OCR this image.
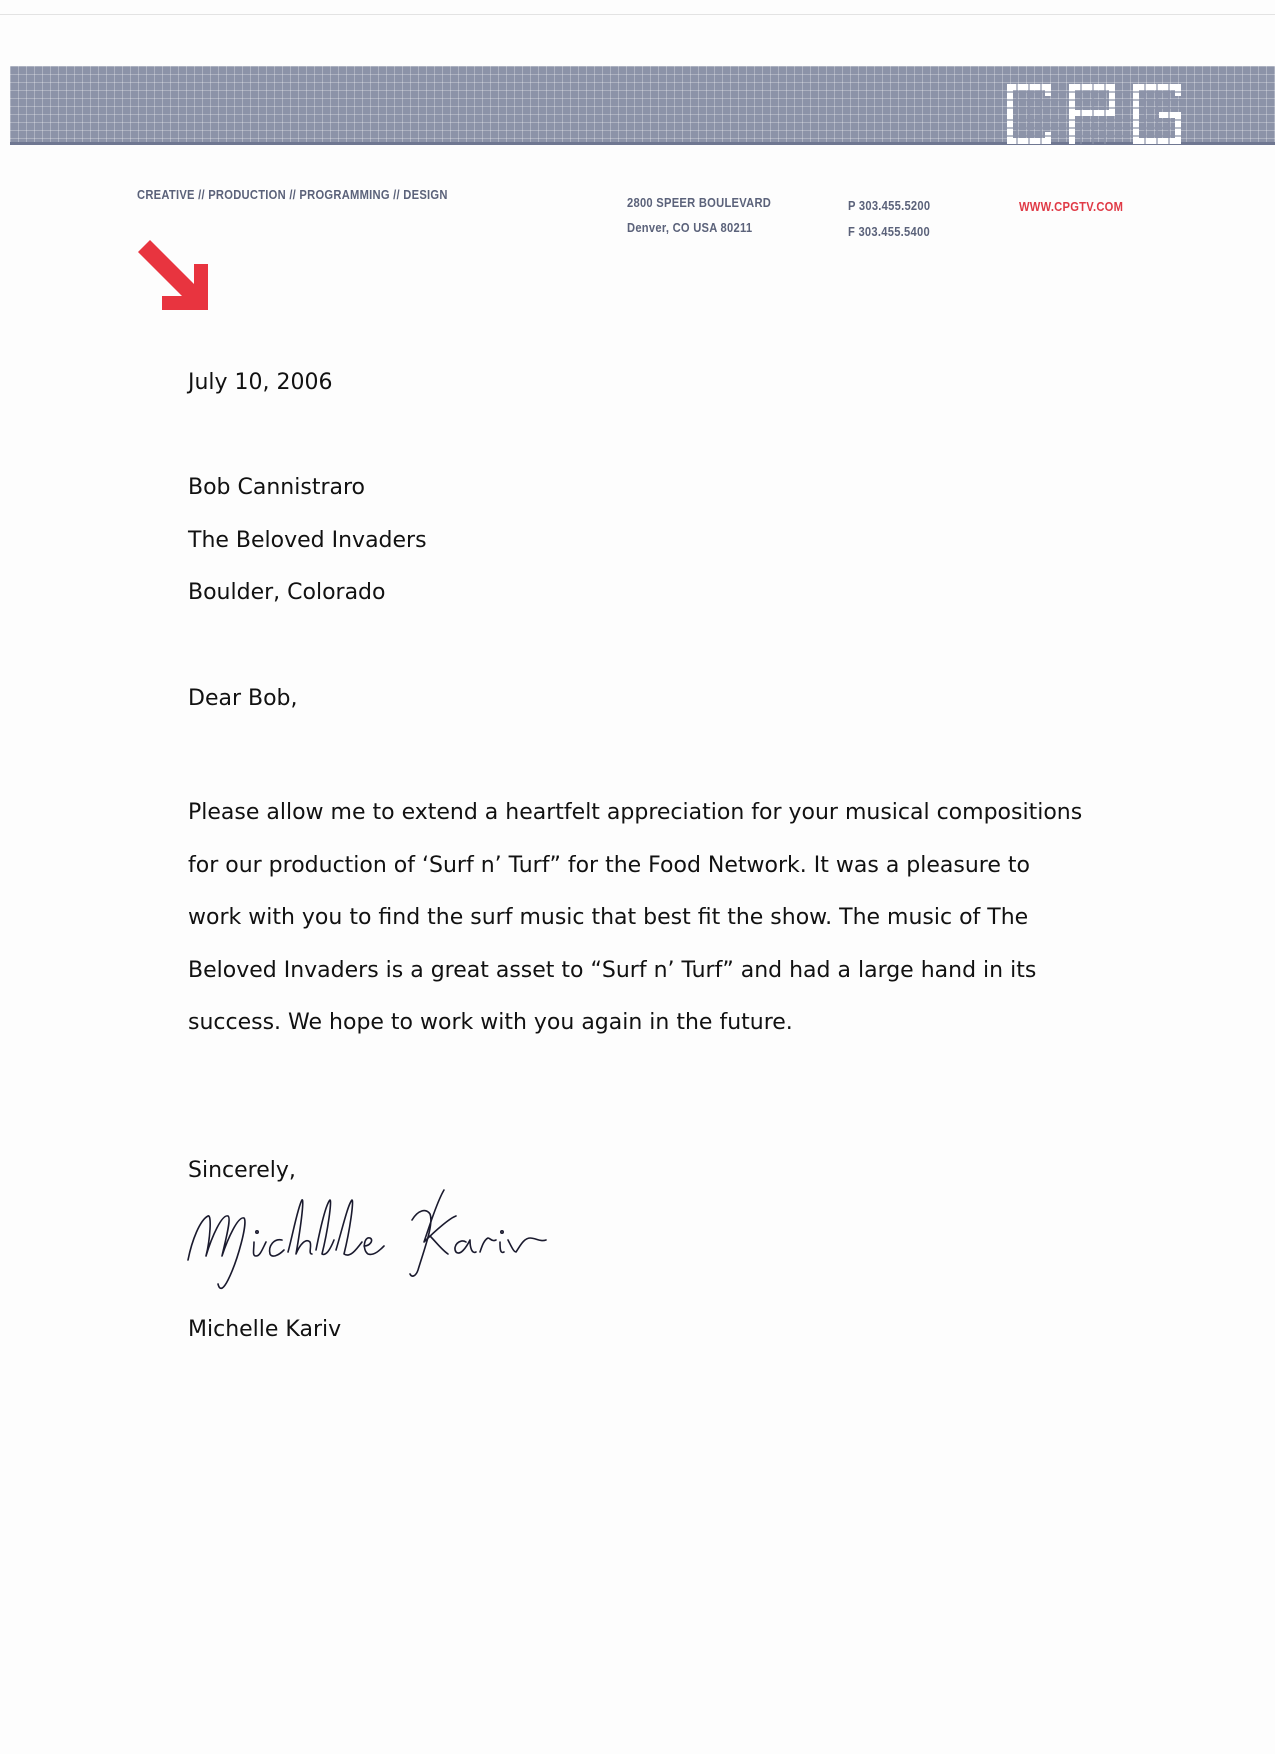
CREATIVE // PRODUCTION // PROGRAMMING // DESIGN
2800 SPEER BOULEVARD
Denver, CO USA 80211
P 303.455.5200
F 303.455.5400
WWW.CPGTV.COM
July 10, 2006
Bob Cannistraro
The Beloved Invaders
Boulder, Colorado
Dear Bob,

Please allow me to extend a heartfelt appreciation for your musical compositions for our production of ‘Surf n’ Turf” for the Food Network. It was a pleasure to work with you to find the surf music that best fit the show. The music of The Beloved Invaders is a great asset to “Surf n’ Turf” and had a large hand in its success. We hope to work with you again in the future.

Sincerely,
Michelle Kariv
